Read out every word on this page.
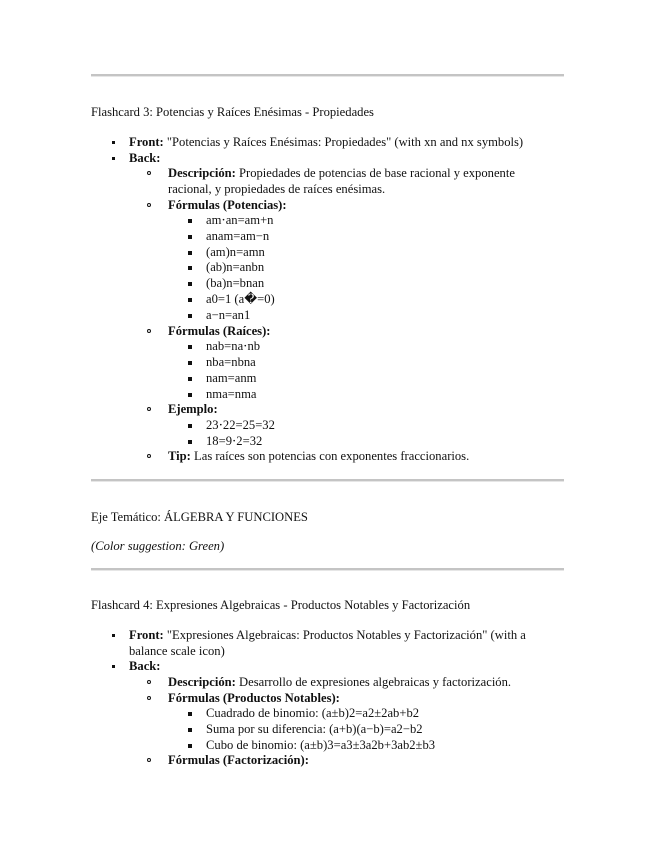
Flashcard 3: Potencias y Raíces Enésimas - Propiedades
Front: "Potencias y Raíces Enésimas: Propiedades" (with xn and nx symbols)
Back:
Descripción: Propiedades de potencias de base racional y exponente racional, y propiedades de raíces enésimas.
Fórmulas (Potencias):
am⋅an=am+n
anam=am−n
(am)n=amn
(ab)n=anbn
(ba)n=bnan
a0=1 (a�=0)
a−n=an1
Fórmulas (Raíces):
nab=na⋅nb
nba=nbna
nam=anm
nma=nma
Ejemplo:
23⋅22=25=32
18=9⋅2=32
Tip: Las raíces son potencias con exponentes fraccionarios.
Eje Temático: ÁLGEBRA Y FUNCIONES
(Color suggestion: Green)
Flashcard 4: Expresiones Algebraicas - Productos Notables y Factorización
Front: "Expresiones Algebraicas: Productos Notables y Factorización" (with a balance scale icon)
Back:
Descripción: Desarrollo de expresiones algebraicas y factorización.
Fórmulas (Productos Notables):
Cuadrado de binomio: (a±b)2=a2±2ab+b2
Suma por su diferencia: (a+b)(a−b)=a2−b2
Cubo de binomio: (a±b)3=a3±3a2b+3ab2±b3
Fórmulas (Factorización):
